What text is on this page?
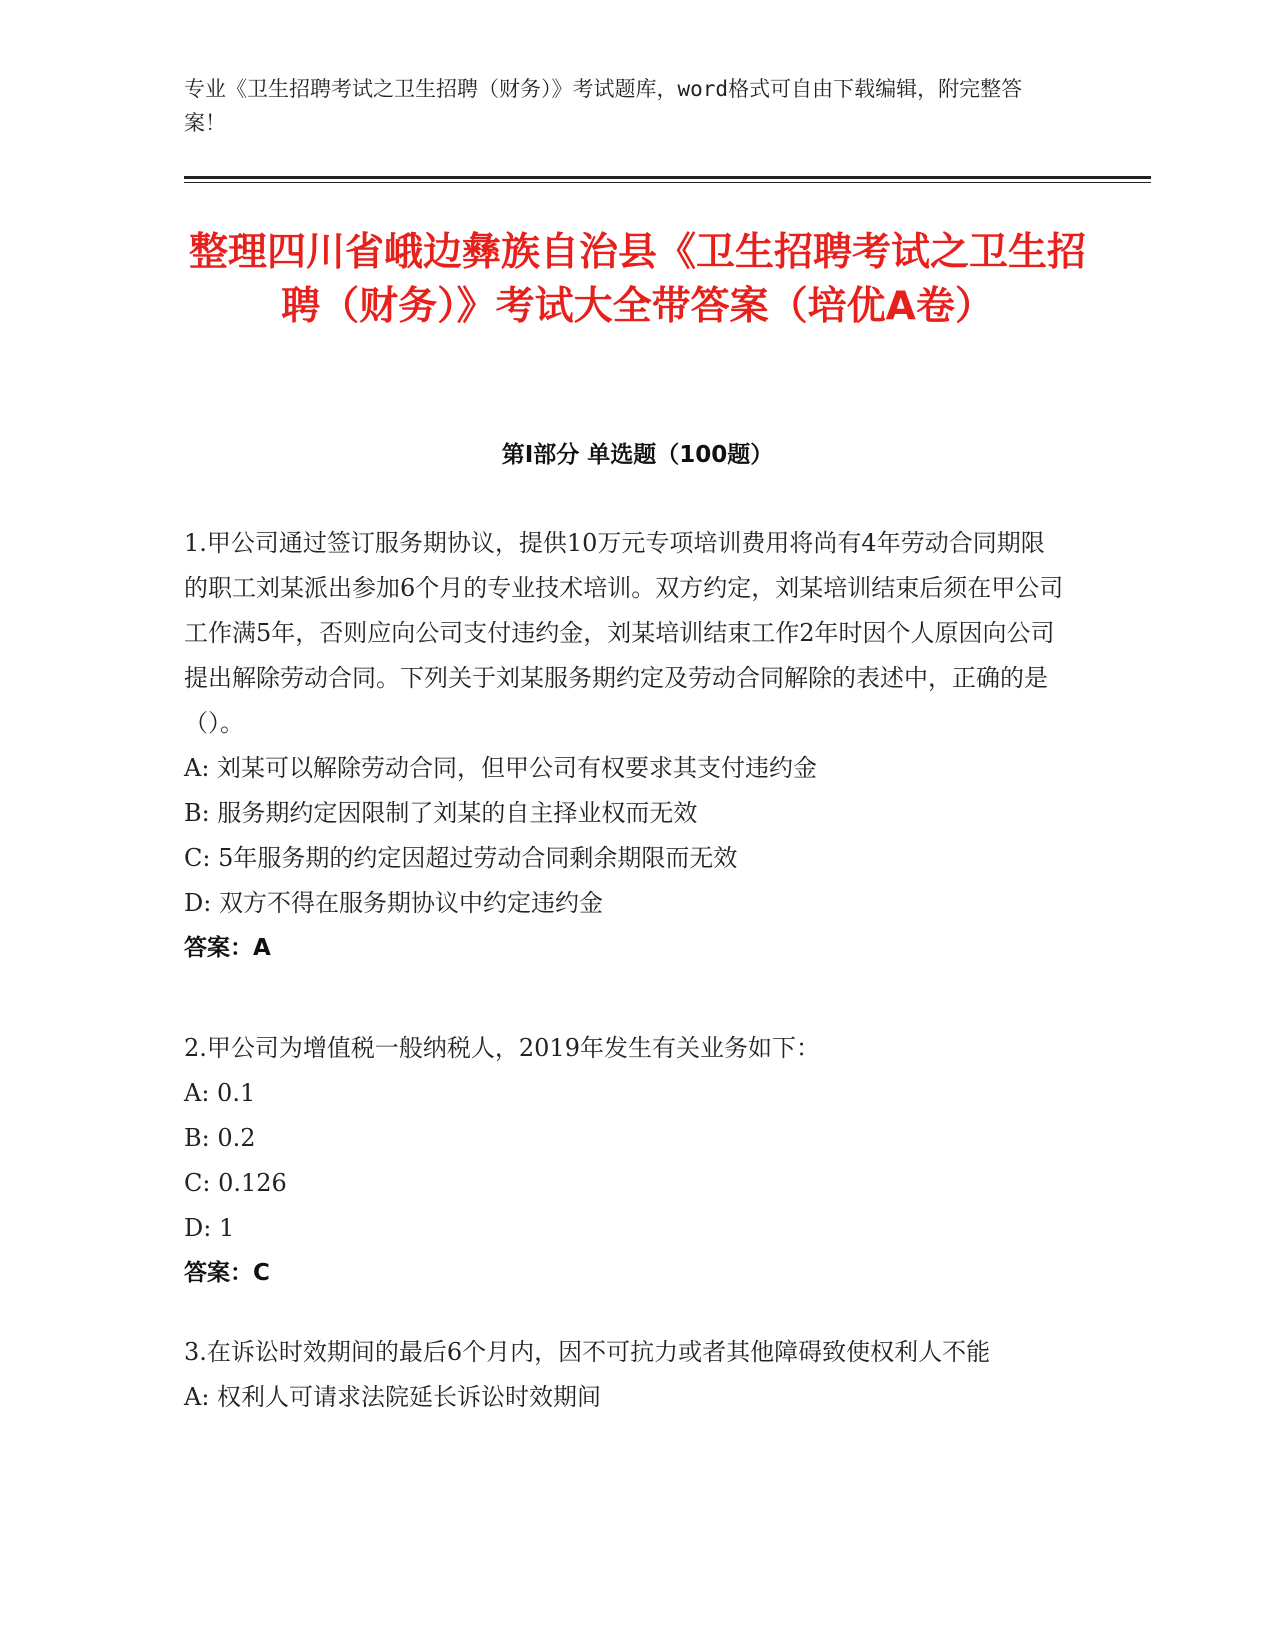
专业《卫生招聘考试之卫生招聘（财务）》考试题库，word格式可自由下载编辑，附完整答案！
整理四川省峨边彝族自治县《卫生招聘考试之卫生招聘（财务）》考试大全带答案（培优A卷）
第I部分 单选题（100题）
1.甲公司通过签订服务期协议，提供10万元专项培训费用将尚有4年劳动合同期限的职工刘某派出参加6个月的专业技术培训。双方约定，刘某培训结束后须在甲公司工作满5年，否则应向公司支付违约金，刘某培训结束工作2年时因个人原因向公司提出解除劳动合同。下列关于刘某服务期约定及劳动合同解除的表述中，正确的是（）。
A: 刘某可以解除劳动合同，但甲公司有权要求其支付违约金
B: 服务期约定因限制了刘某的自主择业权而无效
C: 5年服务期的约定因超过劳动合同剩余期限而无效
D: 双方不得在服务期协议中约定违约金
答案：A
2.甲公司为增值税一般纳税人，2019年发生有关业务如下：
A: 0.1
B: 0.2
C: 0.126
D: 1
答案：C
3.在诉讼时效期间的最后6个月内，因不可抗力或者其他障碍致使权利人不能
A: 权利人可请求法院延长诉讼时效期间
